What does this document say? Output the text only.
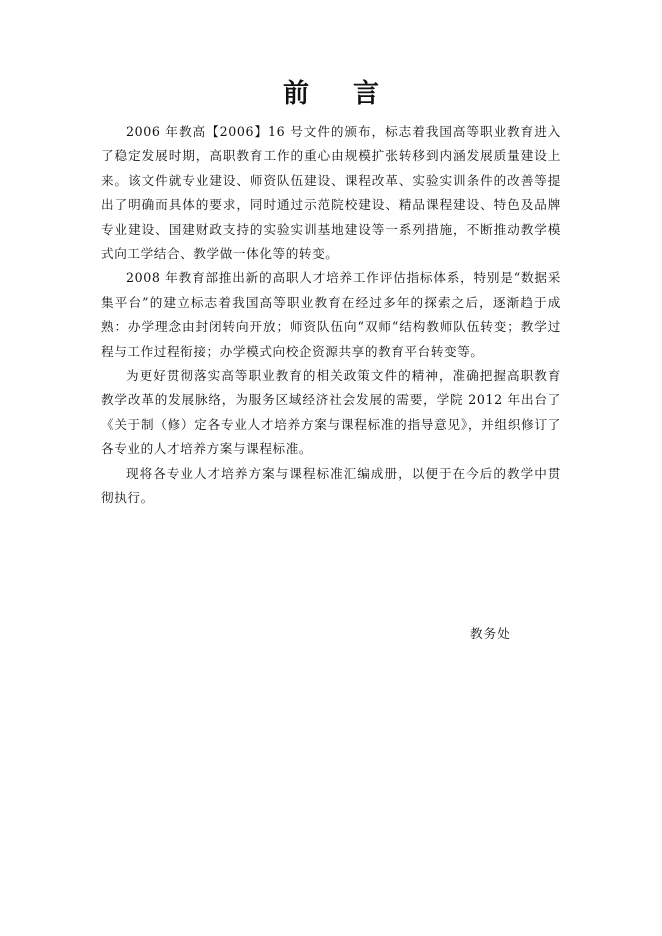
前言

2006 年教高【2006】16 号文件的颁布，标志着我国高等职业教育进入了稳定发展时期，高职教育工作的重心由规模扩张转移到内涵发展质量建设上来。该文件就专业建设、师资队伍建设、课程改革、实验实训条件的改善等提出了明确而具体的要求，同时通过示范院校建设、精品课程建设、特色及品牌专业建设、国建财政支持的实验实训基地建设等一系列措施，不断推动教学模式向工学结合、教学做一体化等的转变。

2008 年教育部推出新的高职人才培养工作评估指标体系，特别是“数据采集平台”的建立标志着我国高等职业教育在经过多年的探索之后，逐渐趋于成熟：办学理念由封闭转向开放；师资队伍向“双师“结构教师队伍转变；教学过程与工作过程衔接；办学模式向校企资源共享的教育平台转变等。

为更好贯彻落实高等职业教育的相关政策文件的精神，准确把握高职教育教学改革的发展脉络，为服务区域经济社会发展的需要，学院 2012 年出台了《关于制（修）定各专业人才培养方案与课程标准的指导意见》，并组织修订了各专业的人才培养方案与课程标准。

现将各专业人才培养方案与课程标准汇编成册，以便于在今后的教学中贯彻执行。

教务处
